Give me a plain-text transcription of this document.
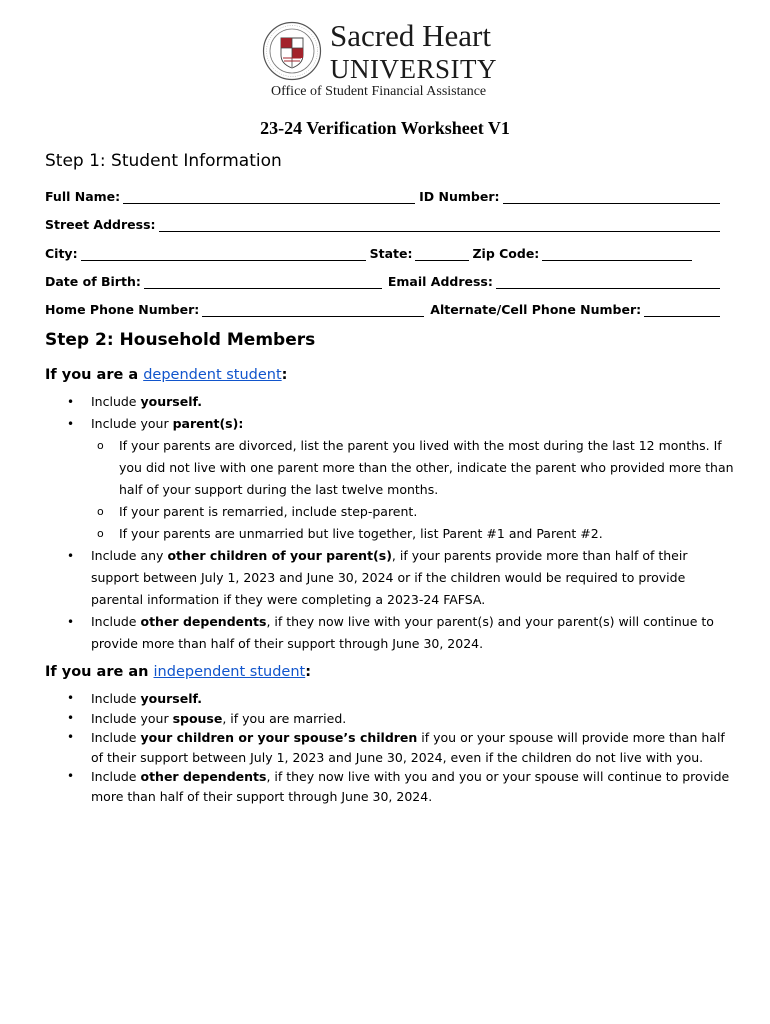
Sacred Heart
UNIVERSITY
Office of Student Financial Assistance
23-24 Verification Worksheet V1
Step 1: Student Information
Full Name:	ID Number:
Street Address:
City:	State:	Zip Code:
Date of Birth:	Email Address:
Home Phone Number:	Alternate/Cell Phone Number:
Step 2: Household Members
If you are a dependent student:
• Include yourself.
• Include your parent(s):
o If your parents are divorced, list the parent you lived with the most during the last 12 months. If you did not live with one parent more than the other, indicate the parent who provided more than half of your support during the last twelve months.
o If your parent is remarried, include step-parent.
o If your parents are unmarried but live together, list Parent #1 and Parent #2.
• Include any other children of your parent(s), if your parents provide more than half of their support between July 1, 2023 and June 30, 2024 or if the children would be required to provide parental information if they were completing a 2023-24 FAFSA.
• Include other dependents, if they now live with your parent(s) and your parent(s) will continue to provide more than half of their support through June 30, 2024.
If you are an independent student:
• Include yourself.
• Include your spouse, if you are married.
• Include your children or your spouse’s children if you or your spouse will provide more than half of their support between July 1, 2023 and June 30, 2024, even if the children do not live with you.
• Include other dependents, if they now live with you and you or your spouse will continue to provide more than half of their support through June 30, 2024.
